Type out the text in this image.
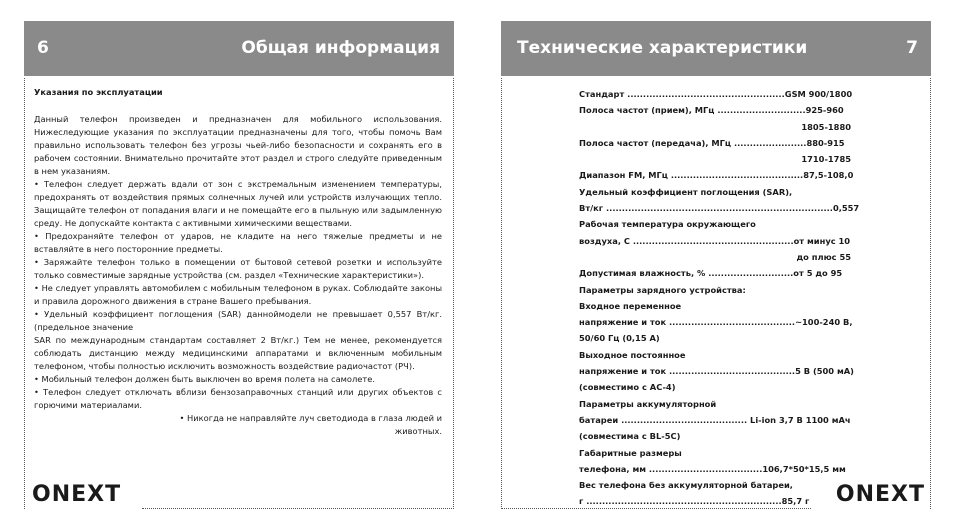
6	Общая информация
Указания по эксплуатации

Данный телефон произведен и предназначен для мобильного использования. Нижеследующие указания по эксплуатации предназначены для того, чтобы помочь Вам правильно использовать телефон без угрозы чьей-либо безопасности и сохранять его в рабочем состоянии. Внимательно прочитайте этот раздел и строго следуйте приведенным в нем указаниям.

• Телефон следует держать вдали от зон с экстремальным изменением температуры, предохранять от воздействия прямых солнечных лучей или устройств излучающих тепло. Защищайте телефон от попадания влаги и не помещайте его в пыльную или задымленную среду. Не допускайте контакта с активными химическими веществами.

• Предохраняйте телефон от ударов, не кладите на него тяжелые предметы и не вставляйте в него посторонние предметы.

• Заряжайте телефон только в помещении от бытовой сетевой розетки и используйте только совместимые зарядные устройства (см. раздел «Технические характеристики»).

• Не следует управлять автомобилем с мобильным телефоном в руках. Соблюдайте законы и правила дорожного движения в стране Вашего пребывания.

• Удельный коэффициент поглощения (SAR) данноймодели не превышает 0,557 Вт/кг. (предельное значение

SAR по международным стандартам составляет 2 Вт/кг.) Тем не менее, рекомендуется соблюдать дистанцию между медицинскими аппаратами и включенным мобильным телефоном, чтобы полностью исключить возможность воздействие радиочастот (РЧ).

• Мобильный телефон должен быть выключен во время полета на самолете.

• Телефон следует отключать вблизи бензозаправочных станций или других объектов с горючими материалами.

• Никогда не направляйте луч светодиода в глаза людей и животных.

ONEXT
Технические характеристики	7
Стандарт ..................................................GSM 900/1800
Полоса частот (прием), МГц ............................925-960
1805-1880
Полоса частот (передача), МГц .......................880-915
1710-1785
Диапазон FM, МГц ..........................................87,5-108,0
Удельный коэффициент поглощения (SAR),
Вт/кг ........................................................................0,557
Рабочая температура окружающего
воздуха, С ...................................................от минус 10
до плюс 55
Допустимая влажность, % ...........................от 5 до 95
Параметры зарядного устройства:
Входное переменное
напряжение и ток ........................................~100-240 В,
50/60 Гц (0,15 А)
Выходное постоянное
напряжение и ток ........................................5 В (500 мА)
(совместимо с AC-4)
Параметры аккумуляторной
батареи ........................................ Li-ion 3,7 В 1100 мАч
(совместима с BL-5C)
Габаритные размеры
телефона, мм ....................................106,7*50*15,5 мм
Вес телефона без аккумуляторной батареи,
г ..............................................................85,7 г	ONEXT
